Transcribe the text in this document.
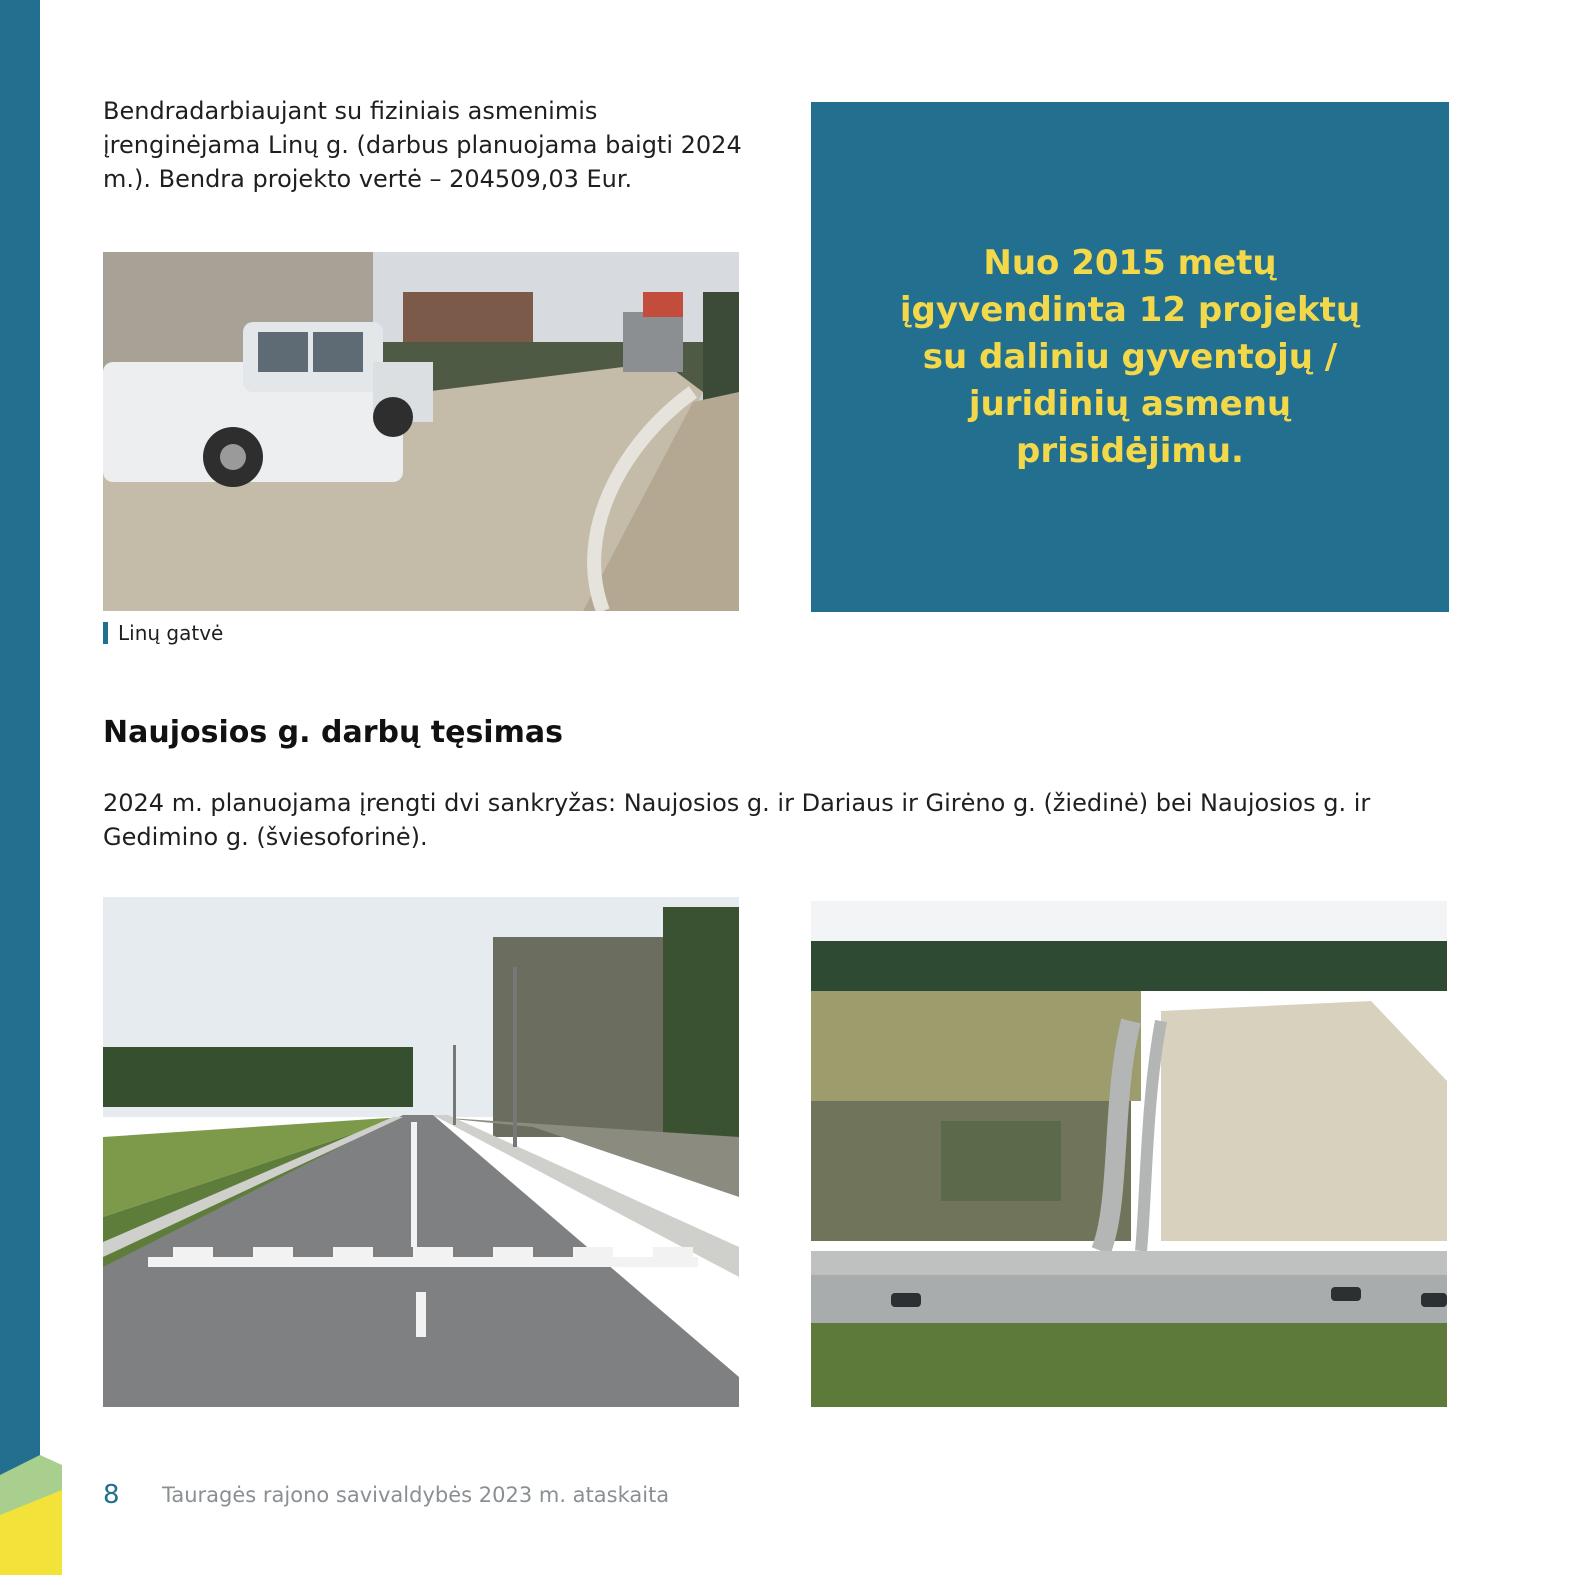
Bendradarbiaujant su fiziniais asmenimis įrenginėjama Linų g. (darbus planuojama baigti 2024 m.). Bendra projekto vertė – 204509,03 Eur.

Linų gatvė

Nuo 2015 metų įgyvendinta 12 projektų su daliniu gyventojų / juridinių asmenų prisidėjimu.

Naujosios g. darbų tęsimas

2024 m. planuojama įrengti dvi sankryžas: Naujosios g. ir Dariaus ir Girėno g. (žiedinė) bei Naujosios g. ir Gedimino g. (šviesoforinė).

8 Tauragės rajono savivaldybės 2023 m. ataskaita
